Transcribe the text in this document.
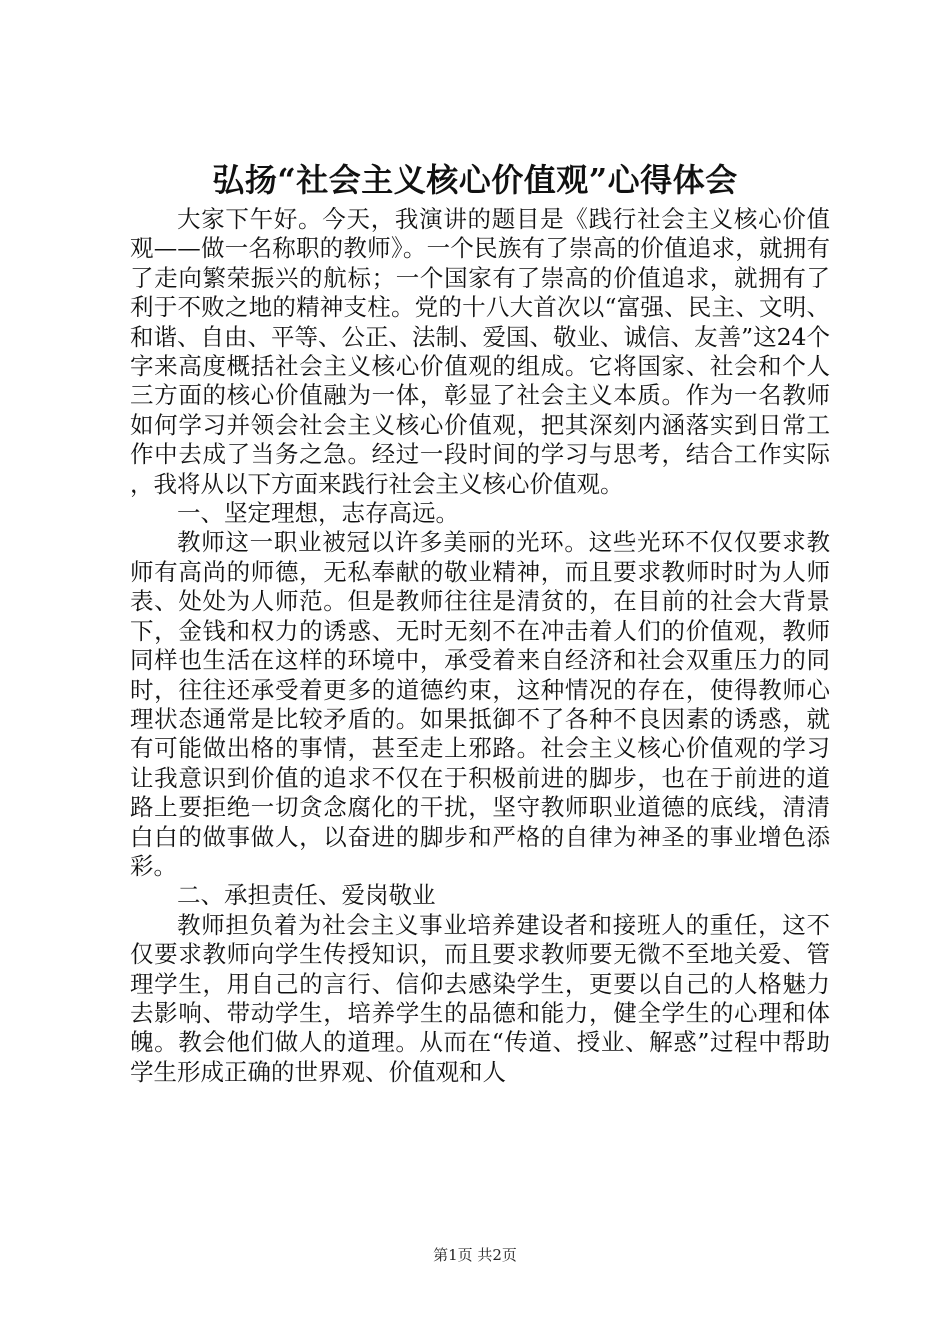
弘扬“社会主义核心价值观”心得体会

大家下午好。今天，我演讲的题目是《践行社会主义核心价值观——做一名称职的教师》。一个民族有了崇高的价值追求，就拥有了走向繁荣振兴的航标；一个国家有了崇高的价值追求，就拥有了利于不败之地的精神支柱。党的十八大首次以“富强、民主、文明、和谐、自由、平等、公正、法制、爱国、敬业、诚信、友善”这24个字来高度概括社会主义核心价值观的组成。它将国家、社会和个人三方面的核心价值融为一体，彰显了社会主义本质。作为一名教师如何学习并领会社会主义核心价值观，把其深刻内涵落实到日常工作中去成了当务之急。经过一段时间的学习与思考，结合工作实际，我将从以下方面来践行社会主义核心价值观。

一、坚定理想，志存高远。

教师这一职业被冠以许多美丽的光环。这些光环不仅仅要求教师有高尚的师德，无私奉献的敬业精神，而且要求教师时时为人师表、处处为人师范。但是教师往往是清贫的，在目前的社会大背景下，金钱和权力的诱惑、无时无刻不在冲击着人们的价值观，教师同样也生活在这样的环境中，承受着来自经济和社会双重压力的同时，往往还承受着更多的道德约束，这种情况的存在，使得教师心理状态通常是比较矛盾的。如果抵御不了各种不良因素的诱惑，就有可能做出格的事情，甚至走上邪路。社会主义核心价值观的学习让我意识到价值的追求不仅在于积极前进的脚步，也在于前进的道路上要拒绝一切贪念腐化的干扰，坚守教师职业道德的底线，清清白白的做事做人，以奋进的脚步和严格的自律为神圣的事业增色添彩。

二、承担责任、爱岗敬业

教师担负着为社会主义事业培养建设者和接班人的重任，这不仅要求教师向学生传授知识，而且要求教师要无微不至地关爱、管理学生，用自己的言行、信仰去感染学生，更要以自己的人格魅力去影响、带动学生，培养学生的品德和能力，健全学生的心理和体魄。教会他们做人的道理。从而在“传道、授业、解惑”过程中帮助学生形成正确的世界观、价值观和人

第1页 共2页
